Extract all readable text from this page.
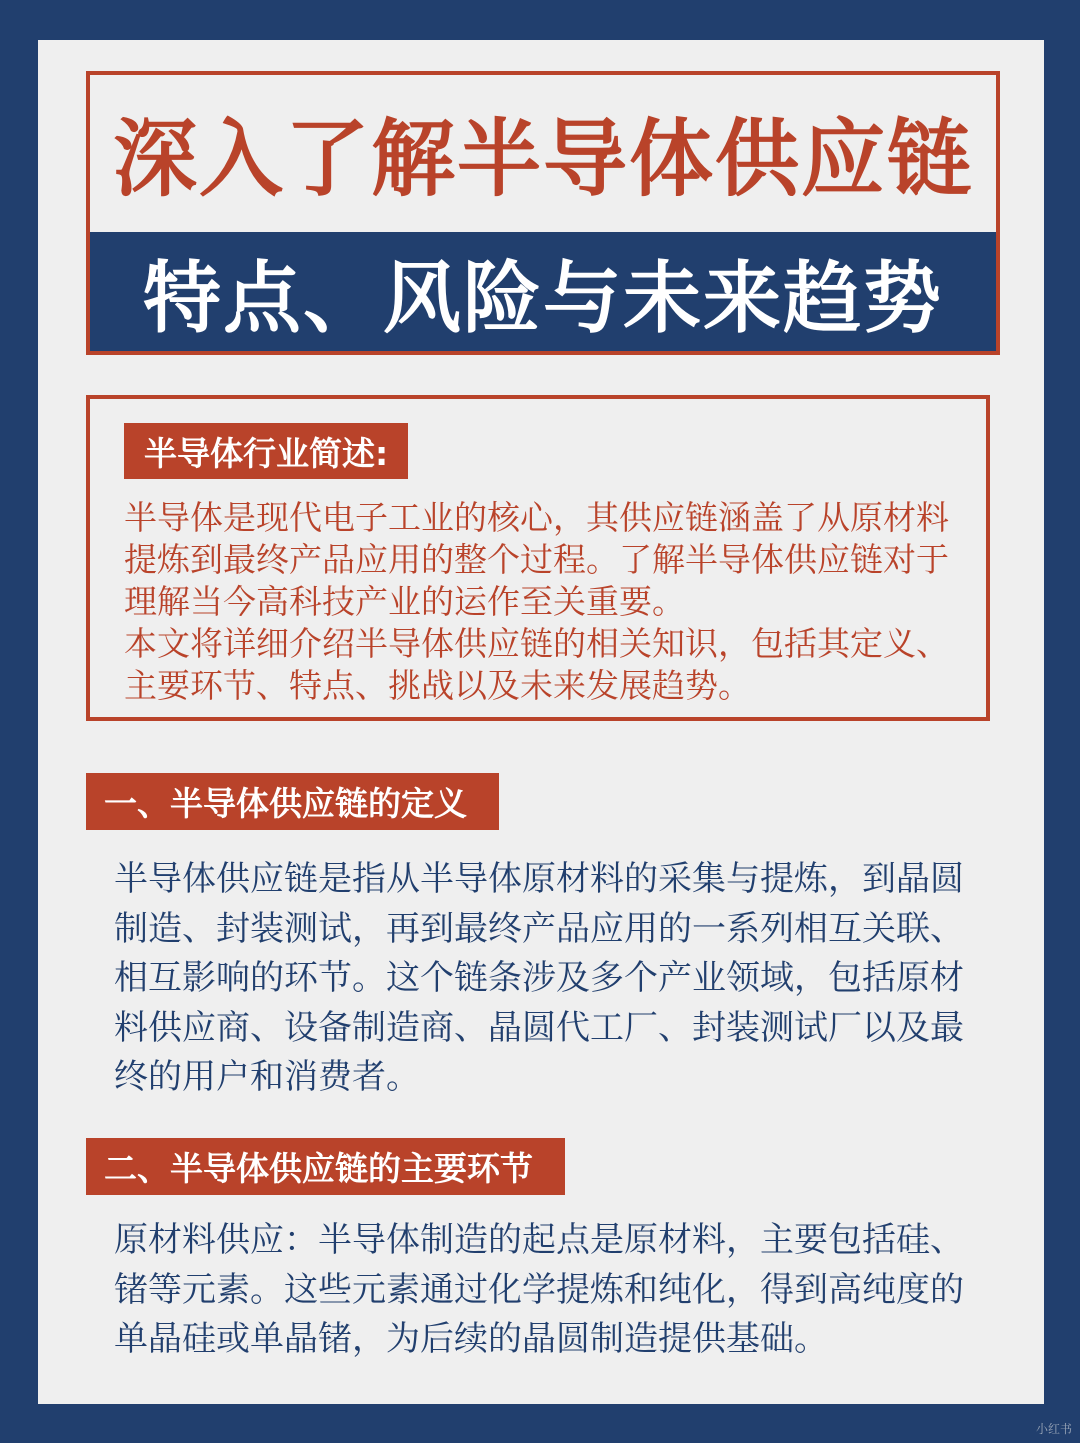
深入了解半导体供应链
特点、风险与未来趋势
半导体行业简述:

半导体是现代电子工业的核心，其供应链涵盖了从原材料提炼到最终产品应用的整个过程。了解半导体供应链对于理解当今高科技产业的运作至关重要。

本文将详细介绍半导体供应链的相关知识，包括其定义、主要环节、特点、挑战以及未来发展趋势。

一、半导体供应链的定义

半导体供应链是指从半导体原材料的采集与提炼，到晶圆制造、封装测试，再到最终产品应用的一系列相互关联、相互影响的环节。这个链条涉及多个产业领域，包括原材料供应商、设备制造商、晶圆代工厂、封装测试厂以及最终的用户和消费者。

二、半导体供应链的主要环节

原材料供应：半导体制造的起点是原材料，主要包括硅、锗等元素。这些元素通过化学提炼和纯化，得到高纯度的单晶硅或单晶锗，为后续的晶圆制造提供基础。

小红书
